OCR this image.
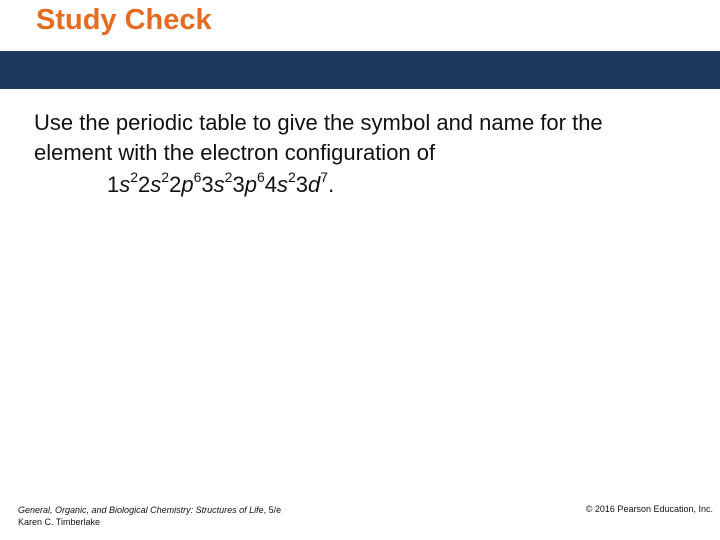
Study Check
Use the periodic table to give the symbol and name for the
element with the electron configuration of
$1s^22s^22p^63s^23p^64s^23d^7$.
General, Organic, and Biological Chemistry: Structures of Life, 5/e
Karen C. Timberlake
© 2016 Pearson Education, Inc.
